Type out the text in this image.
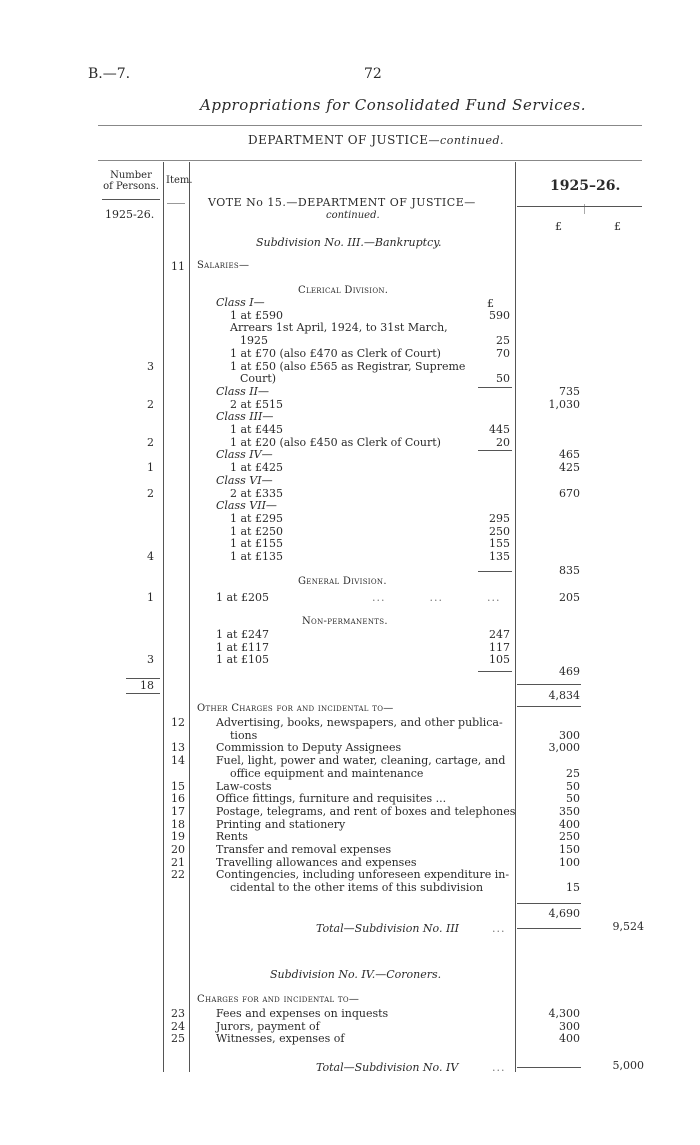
B.—7.	72
Appropriations for Consolidated Fund Services.
DEPARTMENT OF JUSTICE—continued.
Number
of Persons.
Item.	1925–26.
1925-26.
£	£
VOTE No 15.—DEPARTMENT OF JUSTICE—
continued.
Subdivision No. III.—Bankruptcy.
11 Salaries—
Clerical Division.
£
Class I—
1 at £590	590
Arrears 1st April, 1924, to 31st March,
1925	25
1 at £70 (also £470 as Clerk of Court)	70
3	1 at £50 (also £565 as Registrar, Supreme
Court)	50
Class II—	735
2	2 at £515	1,030
Class III—
1 at £445	445
2	1 at £20 (also £450 as Clerk of Court)	20
Class IV—	465
1	1 at £425	425
Class VI—
2	2 at £335	670
Class VII—
1 at £295	295
1 at £250	250
1 at £155	155
4	1 at £135	135
835
General Division.
1	1 at £205	...	...	...	205
Non-permanents.
1 at £247	247
1 at £117	117
3	1 at £105	105
469
18
4,834
Other Charges for and incidental to—
12	Advertising, books, newspapers, and other publica-
tions	300
13	Commission to Deputy Assignees	3,000
14	Fuel, light, power and water, cleaning, cartage, and
office equipment and maintenance	25
15	Law-costs	50
16	Office fittings, furniture and requisites ...	50
17	Postage, telegrams, and rent of boxes and telephones	350
18	Printing and stationery	400
19	Rents	250
20	Transfer and removal expenses	150
21	Travelling allowances and expenses	100
22	Contingencies, including unforeseen expenditure in-
cidental to the other items of this subdivision	15
4,690
Total—Subdivision No. III	...	9,524
Subdivision No. IV.—Coroners.
Charges for and incidental to—
23	Fees and expenses on inquests	4,300
24	Jurors, payment of	300
25	Witnesses, expenses of	400
Total—Subdivision No. IV	...	5,000
